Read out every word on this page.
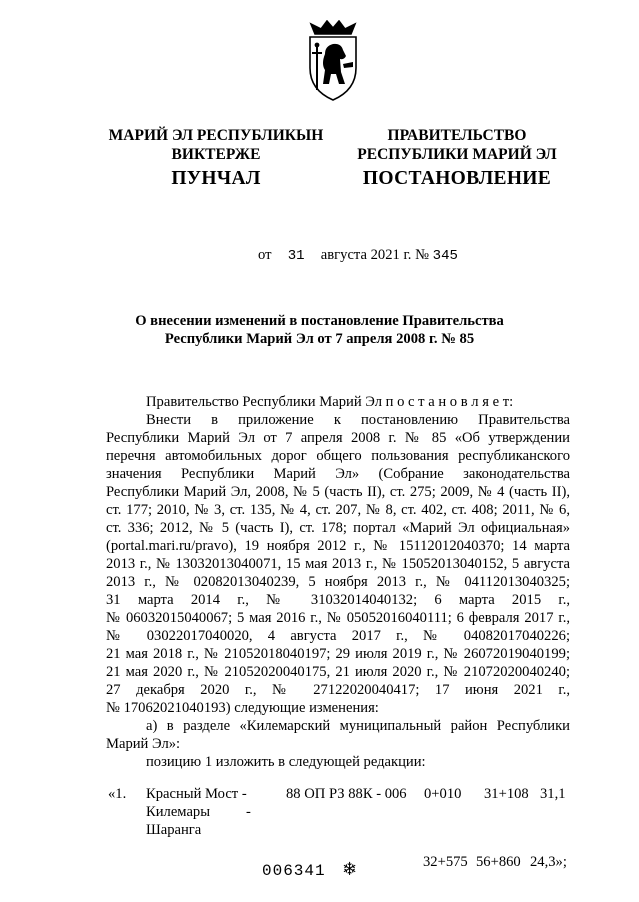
МАРИЙ ЭЛ РЕСПУБЛИКЫН
ВИКТЕРЖЕ
ПУНЧАЛ
ПРАВИТЕЛЬСТВО
РЕСПУБЛИКИ МАРИЙ ЭЛ
ПОСТАНОВЛЕНИЕ
от 31 августа 2021 г. № 345
О внесении изменений в постановление Правительства
Республики Марий Эл от 7 апреля 2008 г. № 85
Правительство Республики Марий Эл п о с т а н о в л я е т:
Внести в приложение к постановлению Правительства
Республики Марий Эл от 7 апреля 2008 г. № 85 «Об утверждении
перечня автомобильных дорог общего пользования республиканского
значения Республики Марий Эл» (Собрание законодательства
Республики Марий Эл, 2008, № 5 (часть II), ст. 275; 2009, № 4 (часть II),
ст. 177; 2010, № 3, ст. 135, № 4, ст. 207, № 8, ст. 402, ст. 408; 2011, № 6,
ст. 336; 2012, № 5 (часть I), ст. 178; портал «Марий Эл официальная»
(portal.mari.ru/pravo), 19 ноября 2012 г., № 15112012040370; 14 марта
2013 г., № 13032013040071, 15 мая 2013 г., № 15052013040152, 5 августа
2013 г., № 02082013040239, 5 ноября 2013 г., № 04112013040325;
31 марта 2014 г., № 31032014040132; 6 марта 2015 г.,
№ 06032015040067; 5 мая 2016 г., № 05052016040111; 6 февраля 2017 г.,
№ 03022017040020, 4 августа 2017 г., № 04082017040226;
21 мая 2018 г., № 21052018040197; 29 июля 2019 г., № 26072019040199;
21 мая 2020 г., № 21052020040175, 21 июля 2020 г., № 21072020040240;
27 декабря 2020 г., № 27122020040417; 17 июня 2021 г.,
№ 17062021040193) следующие изменения:
а) в разделе «Килемарский муниципальный район Республики
Марий Эл»:
позицию 1 изложить в следующей редакции:
«1. Красный Мост -
Килемары -
Шаранга
88 ОП РЗ 88К - 006 0+010 31+108 31,1
32+575 56+860 24,3»;
006341 ❄
